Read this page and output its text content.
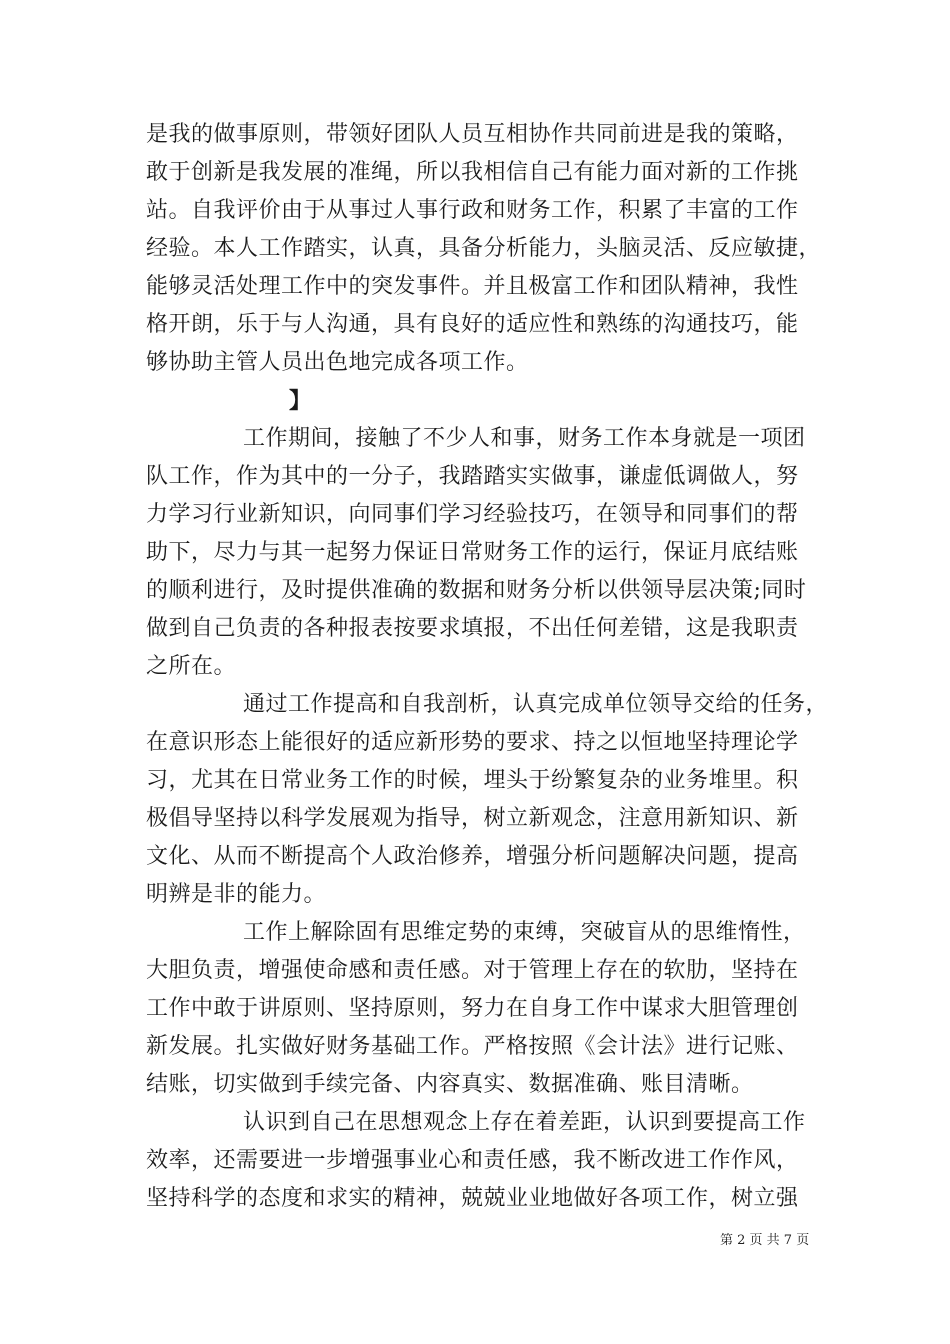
是我的做事原则，带领好团队人员互相协作共同前进是我的策略，
敢于创新是我发展的准绳，所以我相信自己有能力面对新的工作挑
站。自我评价由于从事过人事行政和财务工作，积累了丰富的工作
经验。本人工作踏实，认真，具备分析能力，头脑灵活、反应敏捷，
能够灵活处理工作中的突发事件。并且极富工作和团队精神，我性
格开朗，乐于与人沟通，具有良好的适应性和熟练的沟通技巧，能
够协助主管人员出色地完成各项工作。
】
工作期间，接触了不少人和事，财务工作本身就是一项团
队工作，作为其中的一分子，我踏踏实实做事，谦虚低调做人，努
力学习行业新知识，向同事们学习经验技巧，在领导和同事们的帮
助下，尽力与其一起努力保证日常财务工作的运行，保证月底结账
的顺利进行，及时提供准确的数据和财务分析以供领导层决策;同时
做到自己负责的各种报表按要求填报，不出任何差错，这是我职责
之所在。
通过工作提高和自我剖析，认真完成单位领导交给的任务，
在意识形态上能很好的适应新形势的要求、持之以恒地坚持理论学
习，尤其在日常业务工作的时候，埋头于纷繁复杂的业务堆里。积
极倡导坚持以科学发展观为指导，树立新观念，注意用新知识、新
文化、从而不断提高个人政治修养，增强分析问题解决问题，提高
明辨是非的能力。
工作上解除固有思维定势的束缚，突破盲从的思维惰性，
大胆负责，增强使命感和责任感。对于管理上存在的软肋，坚持在
工作中敢于讲原则、坚持原则，努力在自身工作中谋求大胆管理创
新发展。扎实做好财务基础工作。严格按照《会计法》进行记账、
结账，切实做到手续完备、内容真实、数据准确、账目清晰。
认识到自己在思想观念上存在着差距，认识到要提高工作
效率，还需要进一步增强事业心和责任感，我不断改进工作作风，
坚持科学的态度和求实的精神，兢兢业业地做好各项工作，树立强
第 2 页 共 7 页
